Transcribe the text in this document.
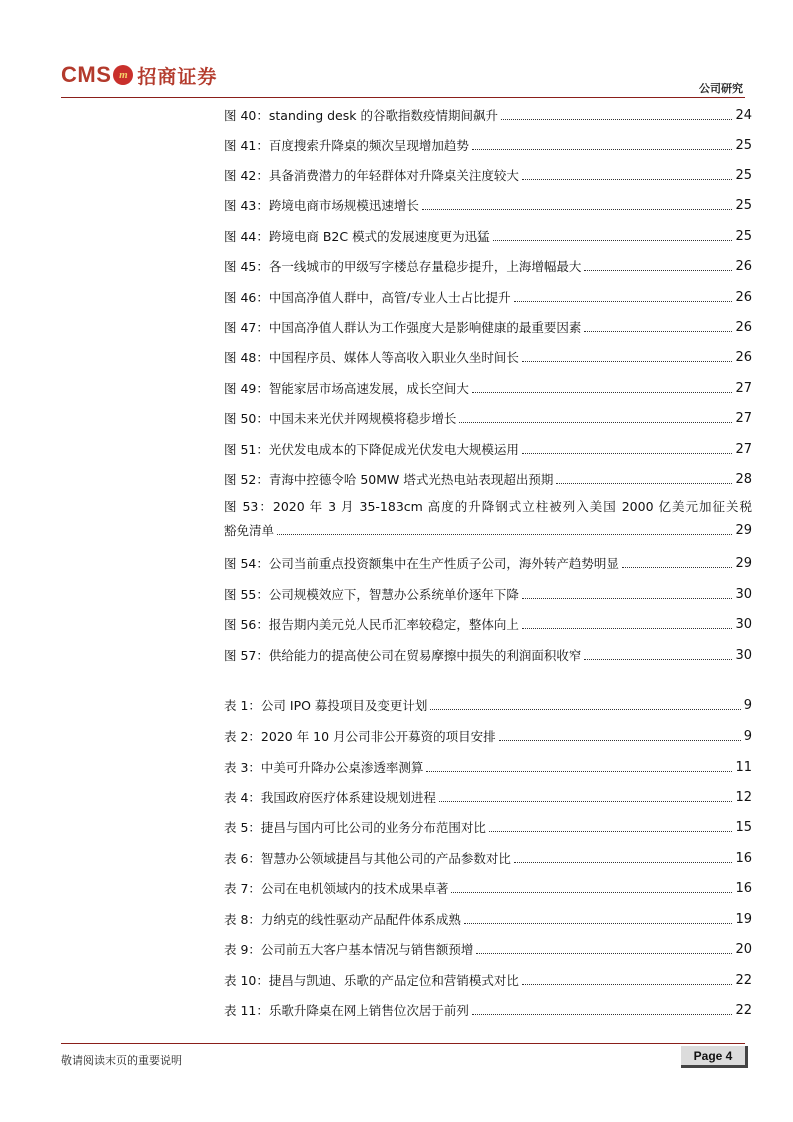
CMS m 招商证券
公司研究
图 40：standing desk 的谷歌指数疫情期间飙升	24
图 41：百度搜索升降桌的频次呈现增加趋势	25
图 42：具备消费潜力的年轻群体对升降桌关注度较大	25
图 43：跨境电商市场规模迅速增长	25
图 44：跨境电商 B2C 模式的发展速度更为迅猛	25
图 45：各一线城市的甲级写字楼总存量稳步提升，上海增幅最大	26
图 46：中国高净值人群中，高管/专业人士占比提升	26
图 47：中国高净值人群认为工作强度大是影响健康的最重要因素	26
图 48：中国程序员、媒体人等高收入职业久坐时间长	26
图 49：智能家居市场高速发展，成长空间大	27
图 50：中国未来光伏并网规模将稳步增长	27
图 51：光伏发电成本的下降促成光伏发电大规模运用	27
图 52：青海中控德令哈 50MW 塔式光热电站表现超出预期	28
图 53：2020 年 3 月 35-183cm 高度的升降钢式立柱被列入美国 2000 亿美元加征关税
豁免清单	29
图 54：公司当前重点投资额集中在生产性质子公司，海外转产趋势明显	29
图 55：公司规模效应下，智慧办公系统单价逐年下降	30
图 56：报告期内美元兑人民币汇率较稳定，整体向上	30
图 57：供给能力的提高使公司在贸易摩擦中损失的利润面积收窄	30
表 1：公司 IPO 募投项目及变更计划	9
表 2：2020 年 10 月公司非公开募资的项目安排	9
表 3：中美可升降办公桌渗透率测算	11
表 4：我国政府医疗体系建设规划进程	12
表 5：捷昌与国内可比公司的业务分布范围对比	15
表 6：智慧办公领域捷昌与其他公司的产品参数对比	16
表 7：公司在电机领域内的技术成果卓著	16
表 8：力纳克的线性驱动产品配件体系成熟	19
表 9：公司前五大客户基本情况与销售额预增	20
表 10：捷昌与凯迪、乐歌的产品定位和营销模式对比	22
表 11：乐歌升降桌在网上销售位次居于前列	22
敬请阅读末页的重要说明	Page 4
